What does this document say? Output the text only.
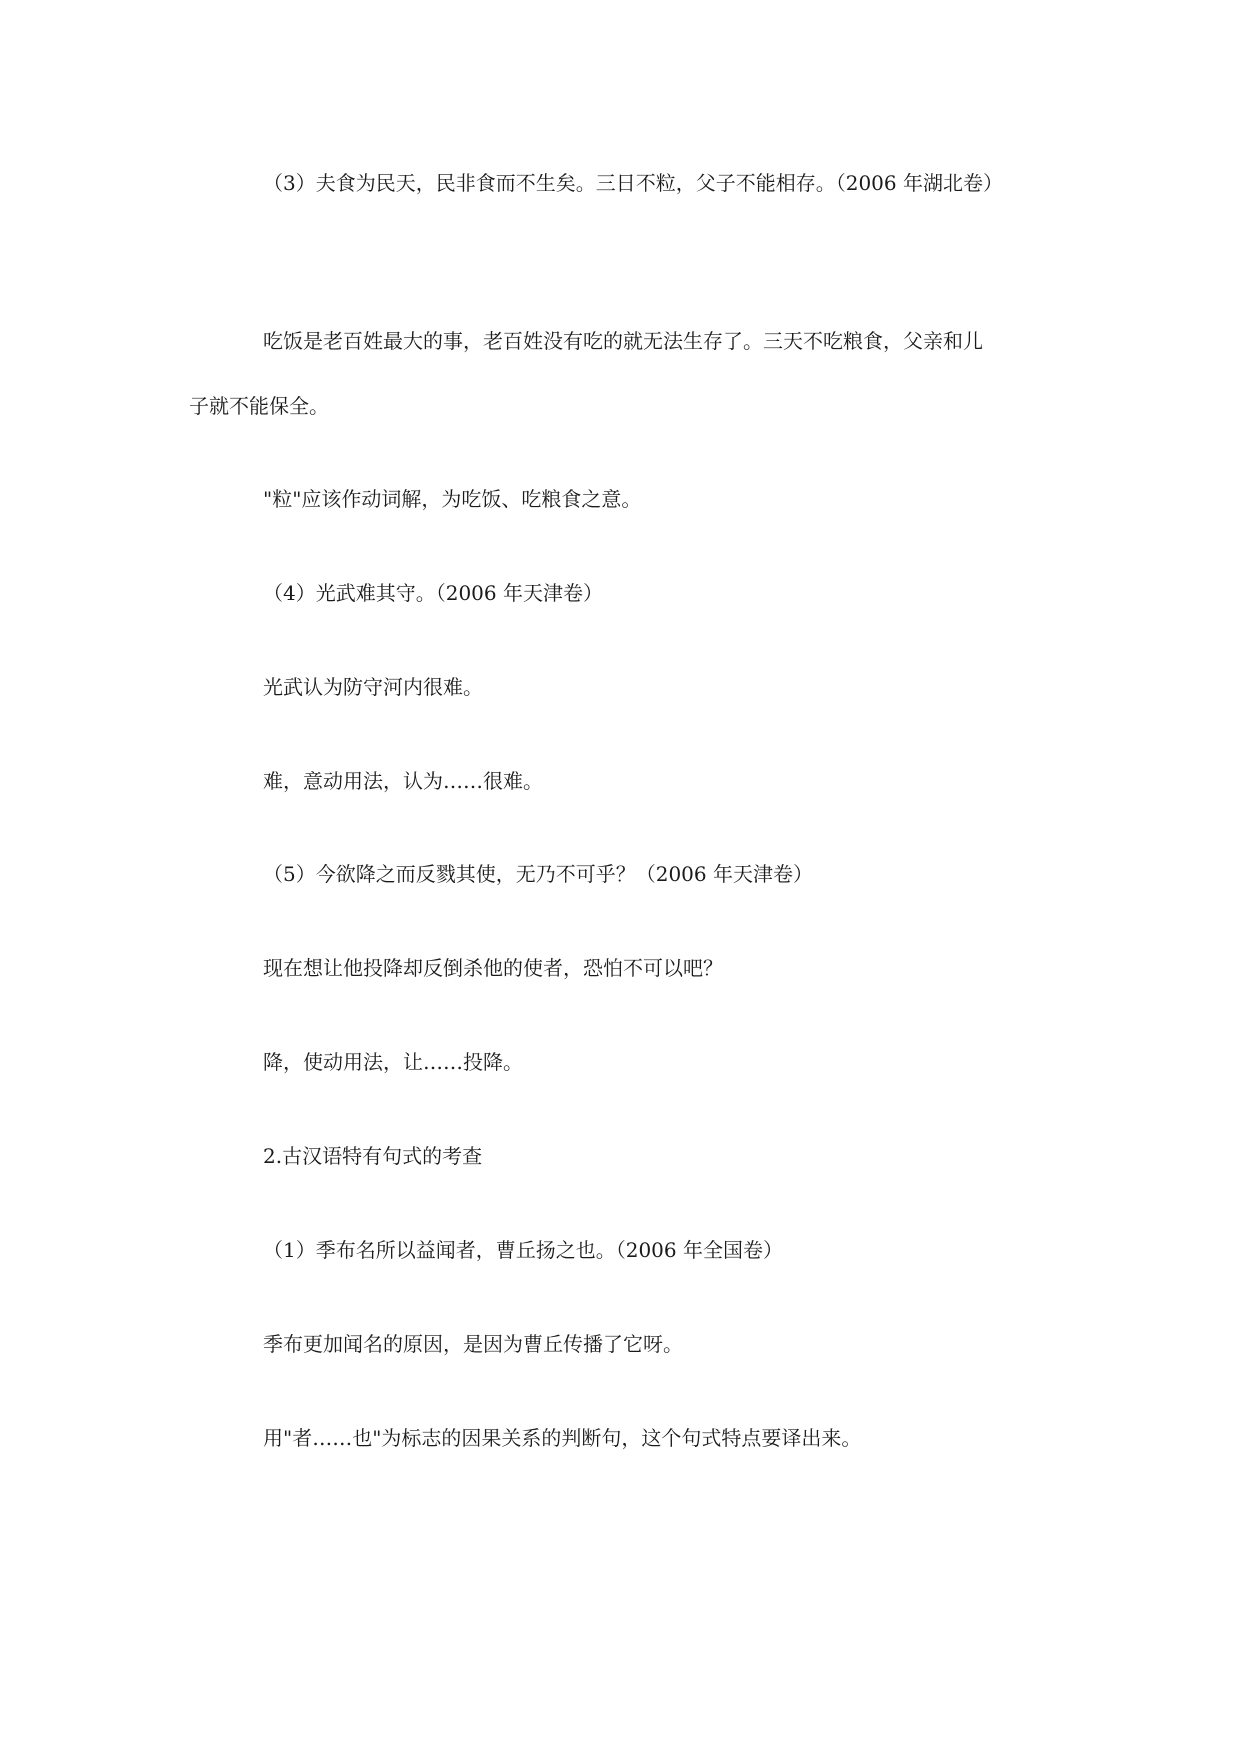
（3）夫食为民天，民非食而不生矣。三日不粒，父子不能相存。（2006 年湖北卷）
吃饭是老百姓最大的事，老百姓没有吃的就无法生存了。三天不吃粮食，父亲和儿
子就不能保全。
"粒"应该作动词解，为吃饭、吃粮食之意。
（4）光武难其守。（2006 年天津卷）
光武认为防守河内很难。
难，意动用法，认为……很难。
（5）今欲降之而反戮其使，无乃不可乎？（2006 年天津卷）
现在想让他投降却反倒杀他的使者，恐怕不可以吧？
降，使动用法，让……投降。
2.古汉语特有句式的考查
（1）季布名所以益闻者，曹丘扬之也。（2006 年全国卷）
季布更加闻名的原因，是因为曹丘传播了它呀。
用"者……也"为标志的因果关系的判断句，这个句式特点要译出来。
